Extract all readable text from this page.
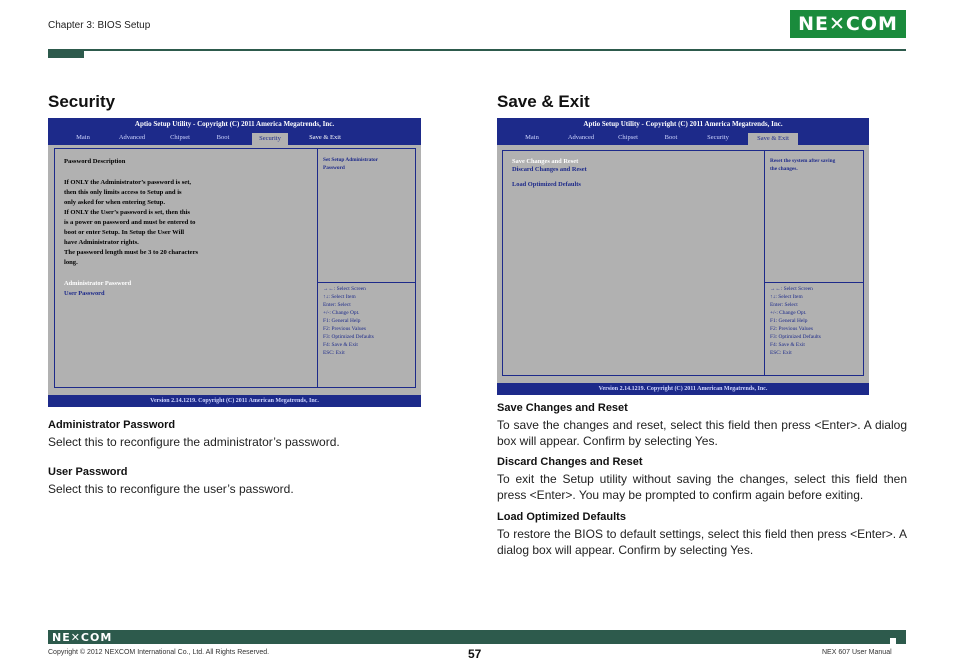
Chapter 3: BIOS Setup	NE✕COM
Security
Aptio Setup Utility - Copyright (C) 2011 America Megatrends, Inc.
Main	Advanced	Chipset	Boot	Security	Save & Exit
Password Description
If ONLY the Administrator’s password is set,
then this only limits access to Setup and is
only asked for when entering Setup.
If ONLY the User’s password is set, then this
is a power on password and must be entered to
boot or enter Setup. In Setup the User Will
have Administrator rights.
The password length must be 3 to 20 characters
long.
Administrator Password
User Password
Set Setup Administrator
Password
→←: Select Screen
↑↓: Select Item
Enter: Select
+/-: Change Opt.
F1: General Help
F2: Previous Values
F3: Optimized Defaults
F4: Save & Exit
ESC: Exit
Version 2.14.1219. Copyright (C) 2011 American Megatrends, Inc.
Administrator Password
Select this to reconfigure the administrator’s password.
User Password
Select this to reconfigure the user’s password.
Save & Exit
Aptio Setup Utility - Copyright (C) 2011 America Megatrends, Inc.
Main	Advanced	Chipset	Boot	Security	Save & Exit
Save Changes and Reset
Discard Changes and Reset
Load Optimized Defaults
Reset the system after saving
the changes.
→←: Select Screen
↑↓: Select Item
Enter: Select
+/-: Change Opt.
F1: General Help
F2: Previous Values
F3: Optimized Defaults
F4: Save & Exit
ESC: Exit
Version 2.14.1219. Copyright (C) 2011 American Megatrends, Inc.
Save Changes and Reset
To save the changes and reset, select this field then press <Enter>. A dialog box will appear. Confirm by selecting Yes.
Discard Changes and Reset
To exit the Setup utility without saving the changes, select this field then press <Enter>. You may be prompted to confirm again before exiting.
Load Optimized Defaults
To restore the BIOS to default settings, select this field then press <Enter>. A dialog box will appear. Confirm by selecting Yes.
NE✕COM
Copyright © 2012 NEXCOM International Co., Ltd. All Rights Reserved.	57	NEX 607 User Manual
